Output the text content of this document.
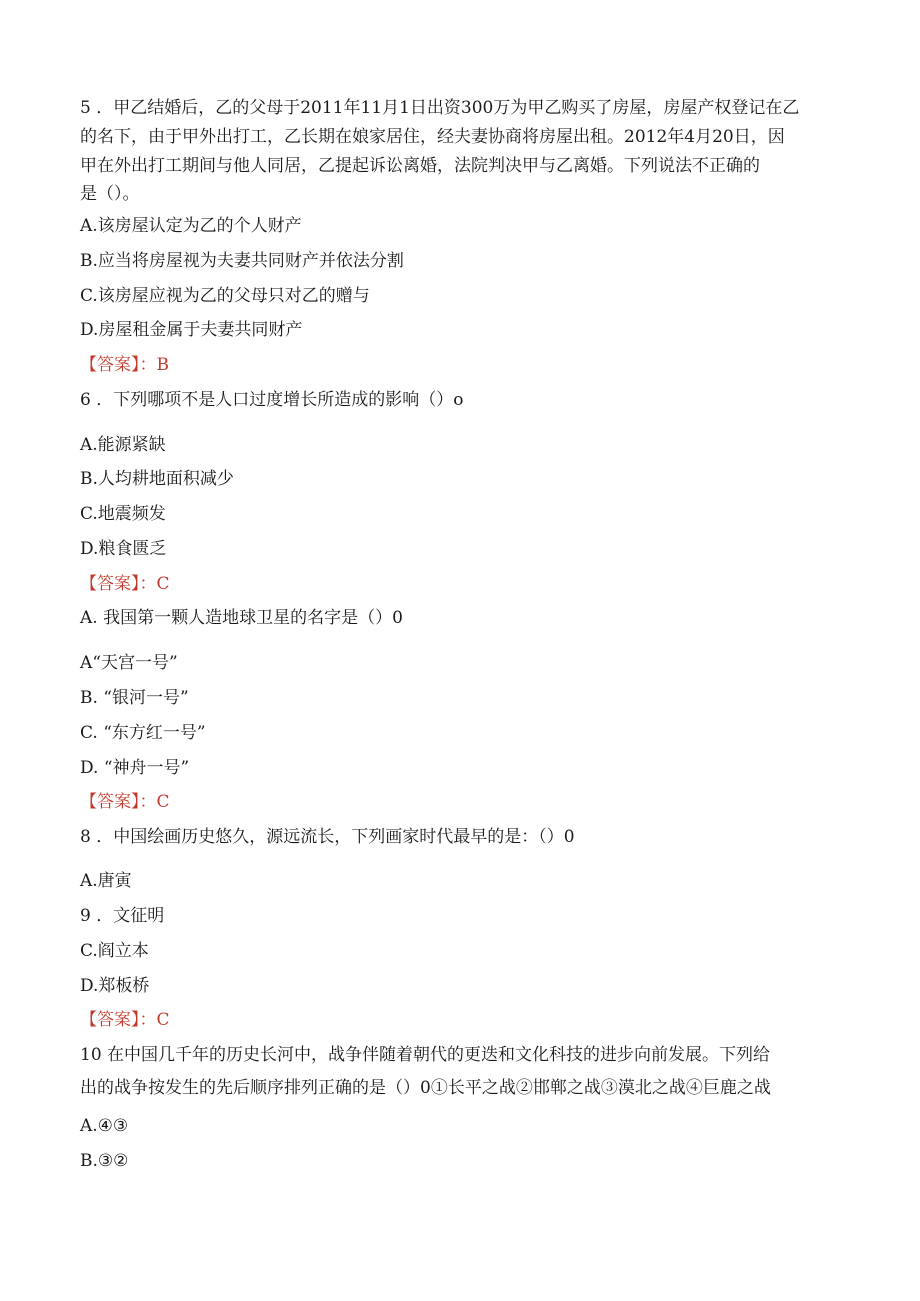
5 ．甲乙结婚后，乙的父母于2011年11月1日出资300万为甲乙购买了房屋，房屋产权登记在乙

的名下，由于甲外出打工，乙长期在娘家居住，经夫妻协商将房屋出租。2012年4月20日，因

甲在外出打工期间与他人同居，乙提起诉讼离婚，法院判决甲与乙离婚。下列说法不正确的

是（）。

A.该房屋认定为乙的个人财产

B.应当将房屋视为夫妻共同财产并依法分割

C.该房屋应视为乙的父母只对乙的赠与

D.房屋租金属于夫妻共同财产

【答案】：B

6 ．下列哪项不是人口过度增长所造成的影响（）o

A.能源紧缺

B.人均耕地面积减少

C.地震频发

D.粮食匮乏

【答案】：C

A. 我国第一颗人造地球卫星的名字是（）0

A“天宫一号”

B. “银河一号”

C. “东方红一号”

D. “神舟一号”

【答案】：C

8 ．中国绘画历史悠久，源远流长，下列画家时代最早的是：（）0

A.唐寅

9 ．文征明

C.阎立本

D.郑板桥

【答案】：C

10 在中国几千年的历史长河中，战争伴随着朝代的更迭和文化科技的进步向前发展。下列给

出的战争按发生的先后顺序排列正确的是（）0①长平之战②邯郸之战③漠北之战④巨鹿之战

A.④③

B.③②
